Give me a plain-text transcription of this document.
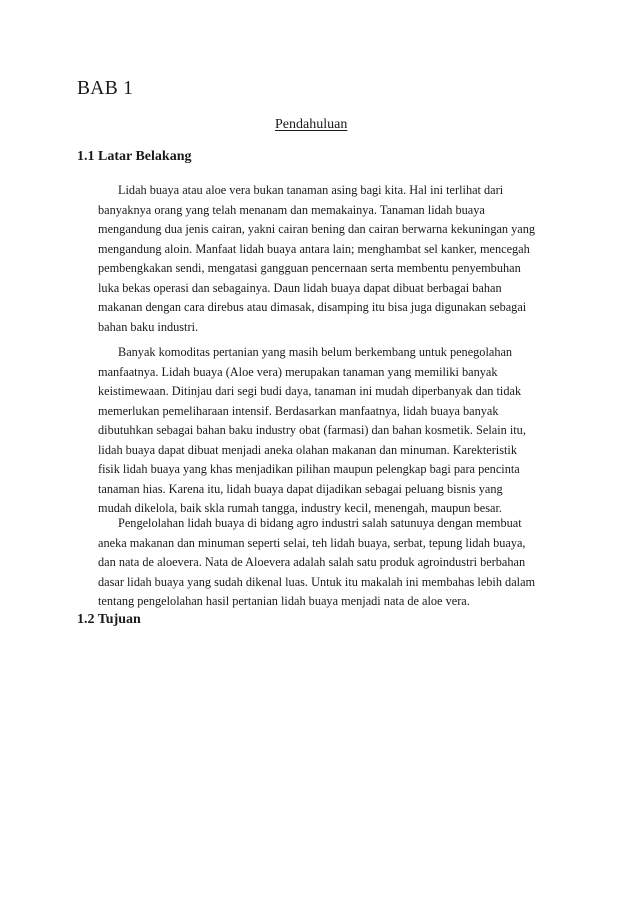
BAB 1
Pendahuluan
1.1 Latar Belakang

Lidah buaya atau aloe vera bukan tanaman asing bagi kita. Hal ini terlihat dari
banyaknya orang yang telah menanam dan memakainya. Tanaman lidah buaya
mengandung dua jenis cairan, yakni cairan bening dan cairan berwarna kekuningan yang
mengandung aloin. Manfaat lidah buaya antara lain; menghambat sel kanker, mencegah
pembengkakan sendi, mengatasi gangguan pencernaan serta membentu penyembuhan
luka bekas operasi dan sebagainya. Daun lidah buaya dapat dibuat berbagai bahan
makanan dengan cara direbus atau dimasak, disamping itu bisa juga digunakan sebagai
bahan baku industri.

Banyak komoditas pertanian yang masih belum berkembang untuk penegolahan
manfaatnya. Lidah buaya (Aloe vera) merupakan tanaman yang memiliki banyak
keistimewaan. Ditinjau dari segi budi daya, tanaman ini mudah diperbanyak dan tidak
memerlukan pemeliharaan intensif. Berdasarkan manfaatnya, lidah buaya banyak
dibutuhkan sebagai bahan baku industry obat (farmasi) dan bahan kosmetik. Selain itu,
lidah buaya dapat dibuat menjadi aneka olahan makanan dan minuman. Karekteristik
fisik lidah buaya yang khas menjadikan pilihan maupun pelengkap bagi para pencinta
tanaman hias. Karena itu, lidah buaya dapat dijadikan sebagai peluang bisnis yang
mudah dikelola, baik skla rumah tangga, industry kecil, menengah, maupun besar.

Pengelolahan lidah buaya di bidang agro industri salah satunuya dengan membuat
aneka makanan dan minuman seperti selai, teh lidah buaya, serbat, tepung lidah buaya,
dan nata de aloevera. Nata de Aloevera adalah salah satu produk agroindustri berbahan
dasar lidah buaya yang sudah dikenal luas. Untuk itu makalah ini membahas lebih dalam
tentang pengelolahan hasil pertanian lidah buaya menjadi nata de aloe vera.

1.2 Tujuan
